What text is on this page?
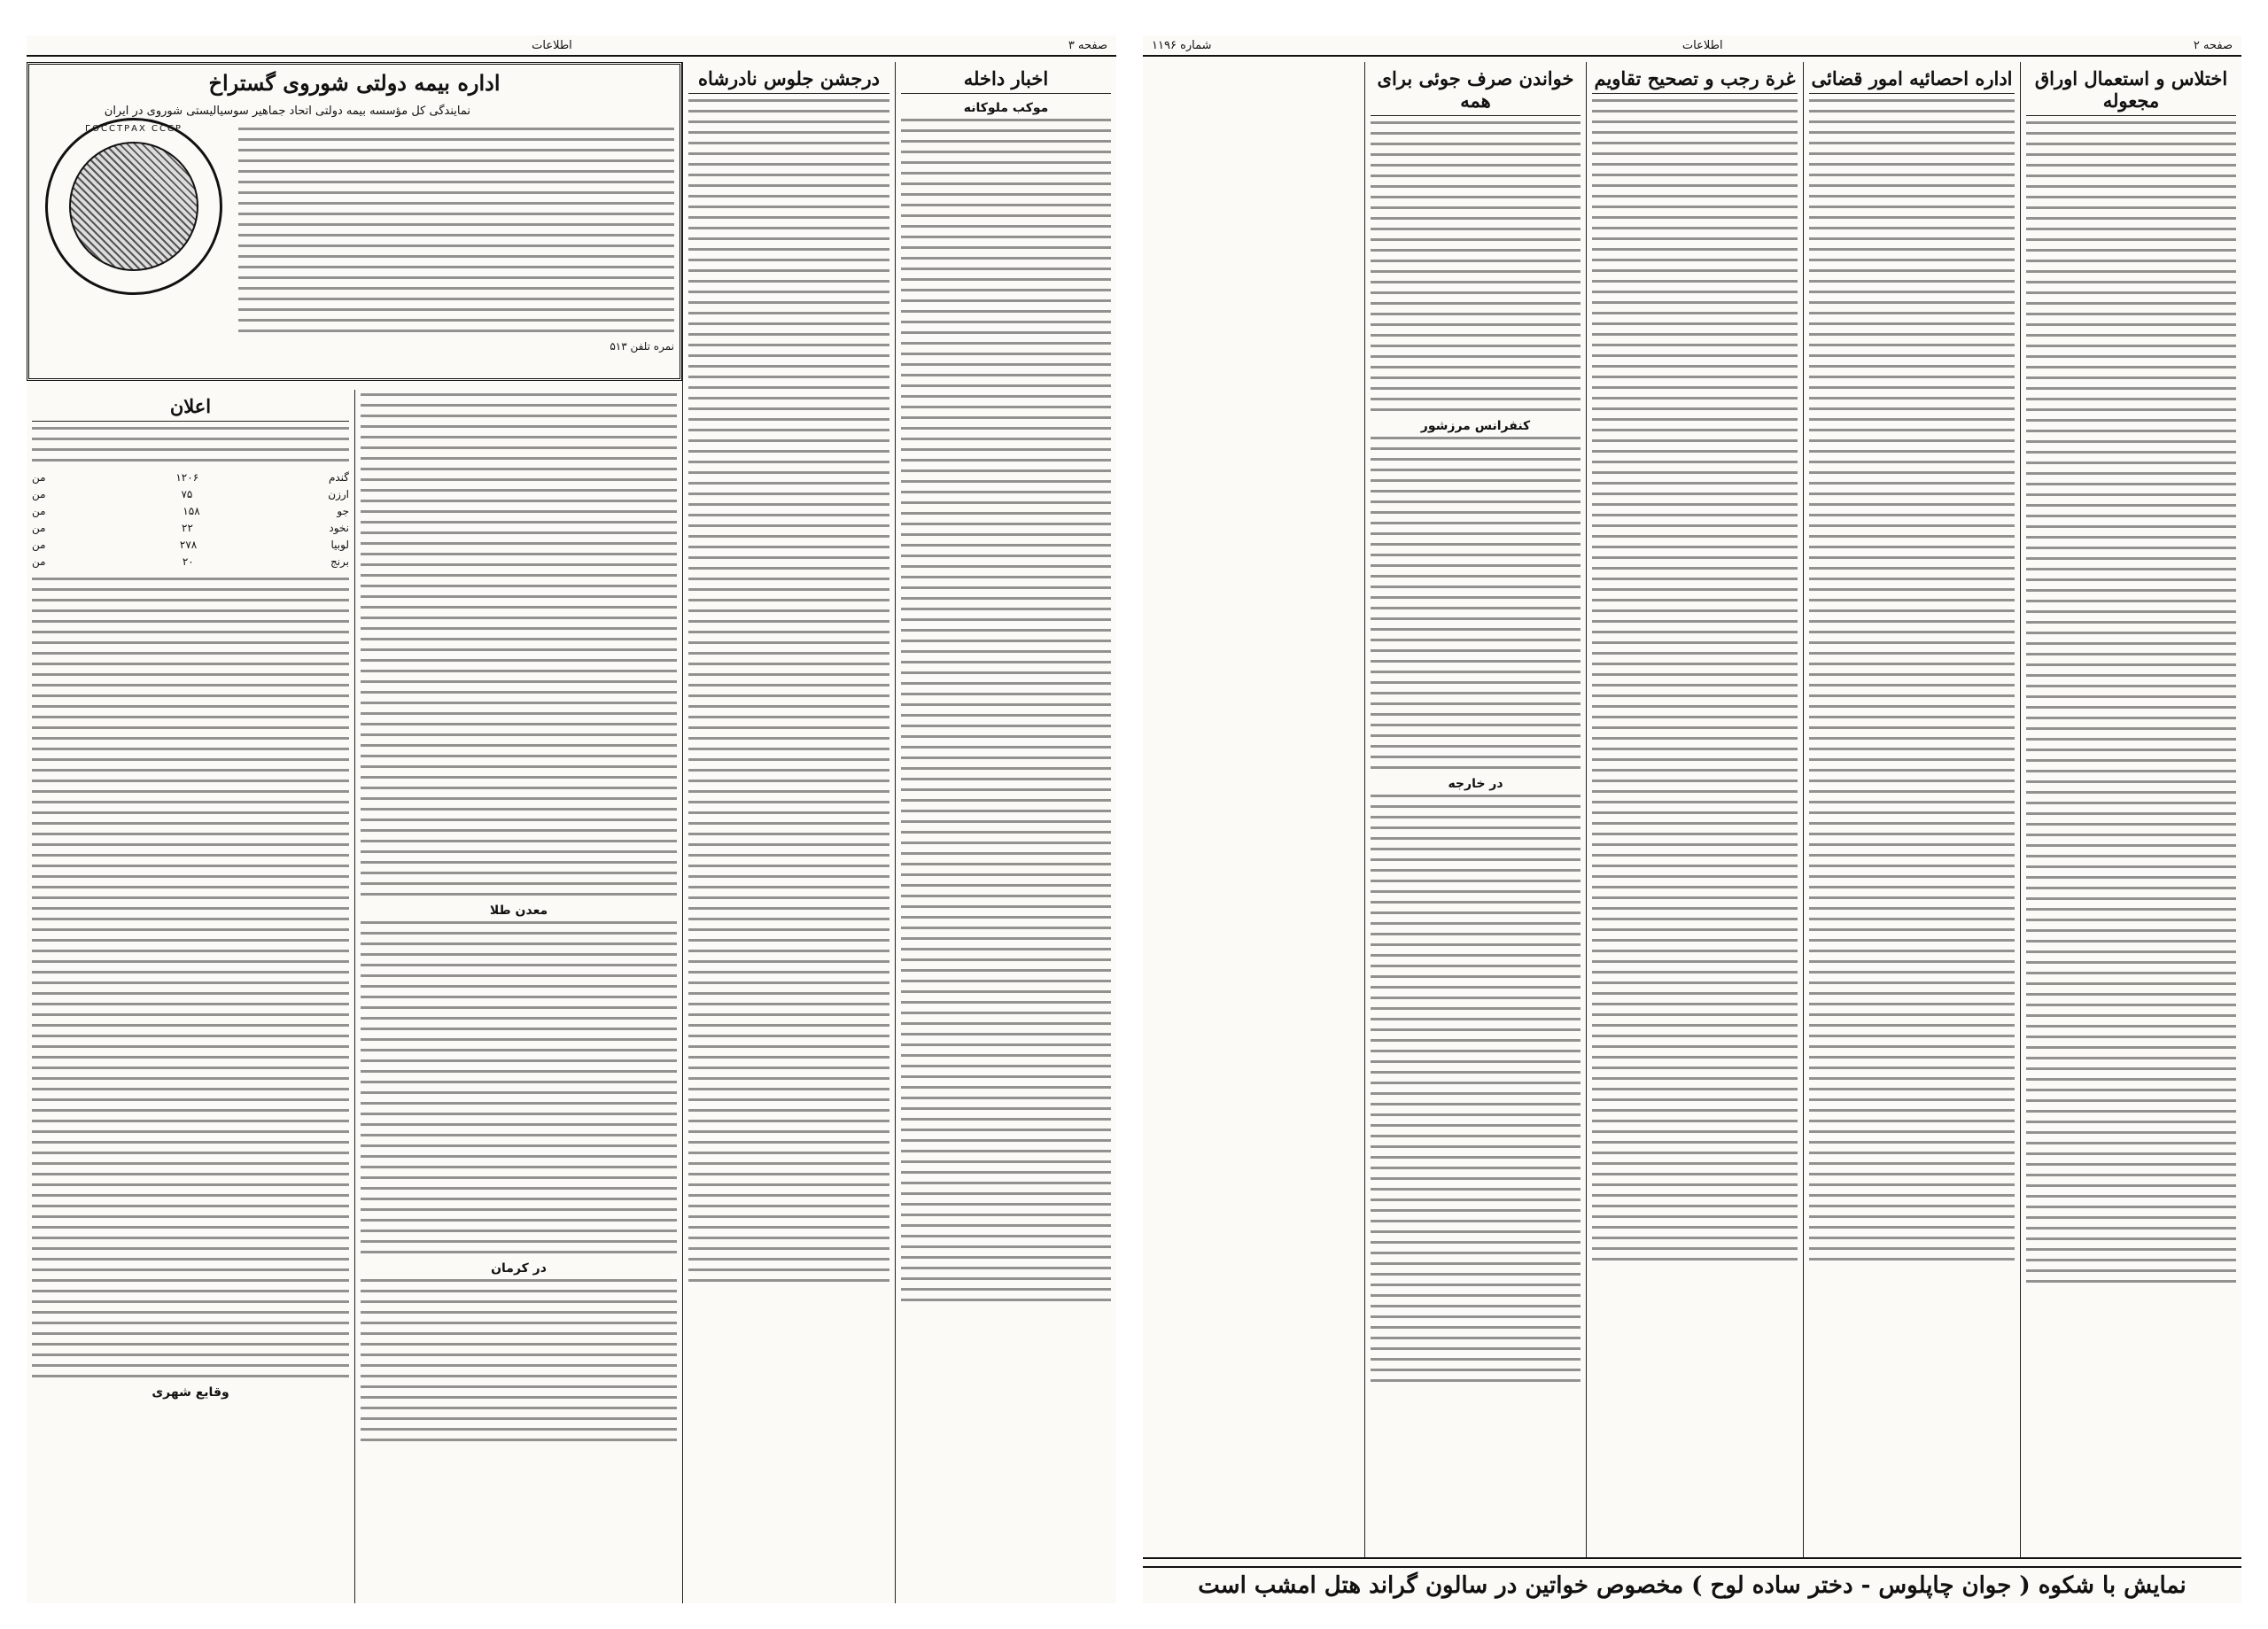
صفحه ۳
اطلاعات
اخبار داخله
موکب ملوکانه
درجشن جلوس نادرشاه
اداره بیمه دولتی شوروی گستراخ

نمایندگی کل مؤسسه بیمه دولتی اتحاد جماهیر سوسیالیستی شوروی در ایران

نمره تلفن ۵۱۳
ГОССТРАХ СССР
اعلان
گندم
۱۲۰۶
من
ارزن
۷۵
من
جو
۱۵۸
من
نخود
۲۲
من
لوبیا
۲۷۸
من
برنج
۲۰
من
وقایع شهری
معدن طلا
در کرمان
صفحه ۲
اطلاعات
شماره ۱۱۹۶
اختلاس و استعمال اوراق مجعوله
اداره احصائیه امور قضائی
غرة رجب و تصحیح تقاویم
خواندن صرف جوئی برای همه
کنفرانس مرزشور
در خارجه
نمایش با شکوه ( جوان چاپلوس - دختر ساده لوح ) مخصوص خواتین در سالون گراند هتل امشب است
